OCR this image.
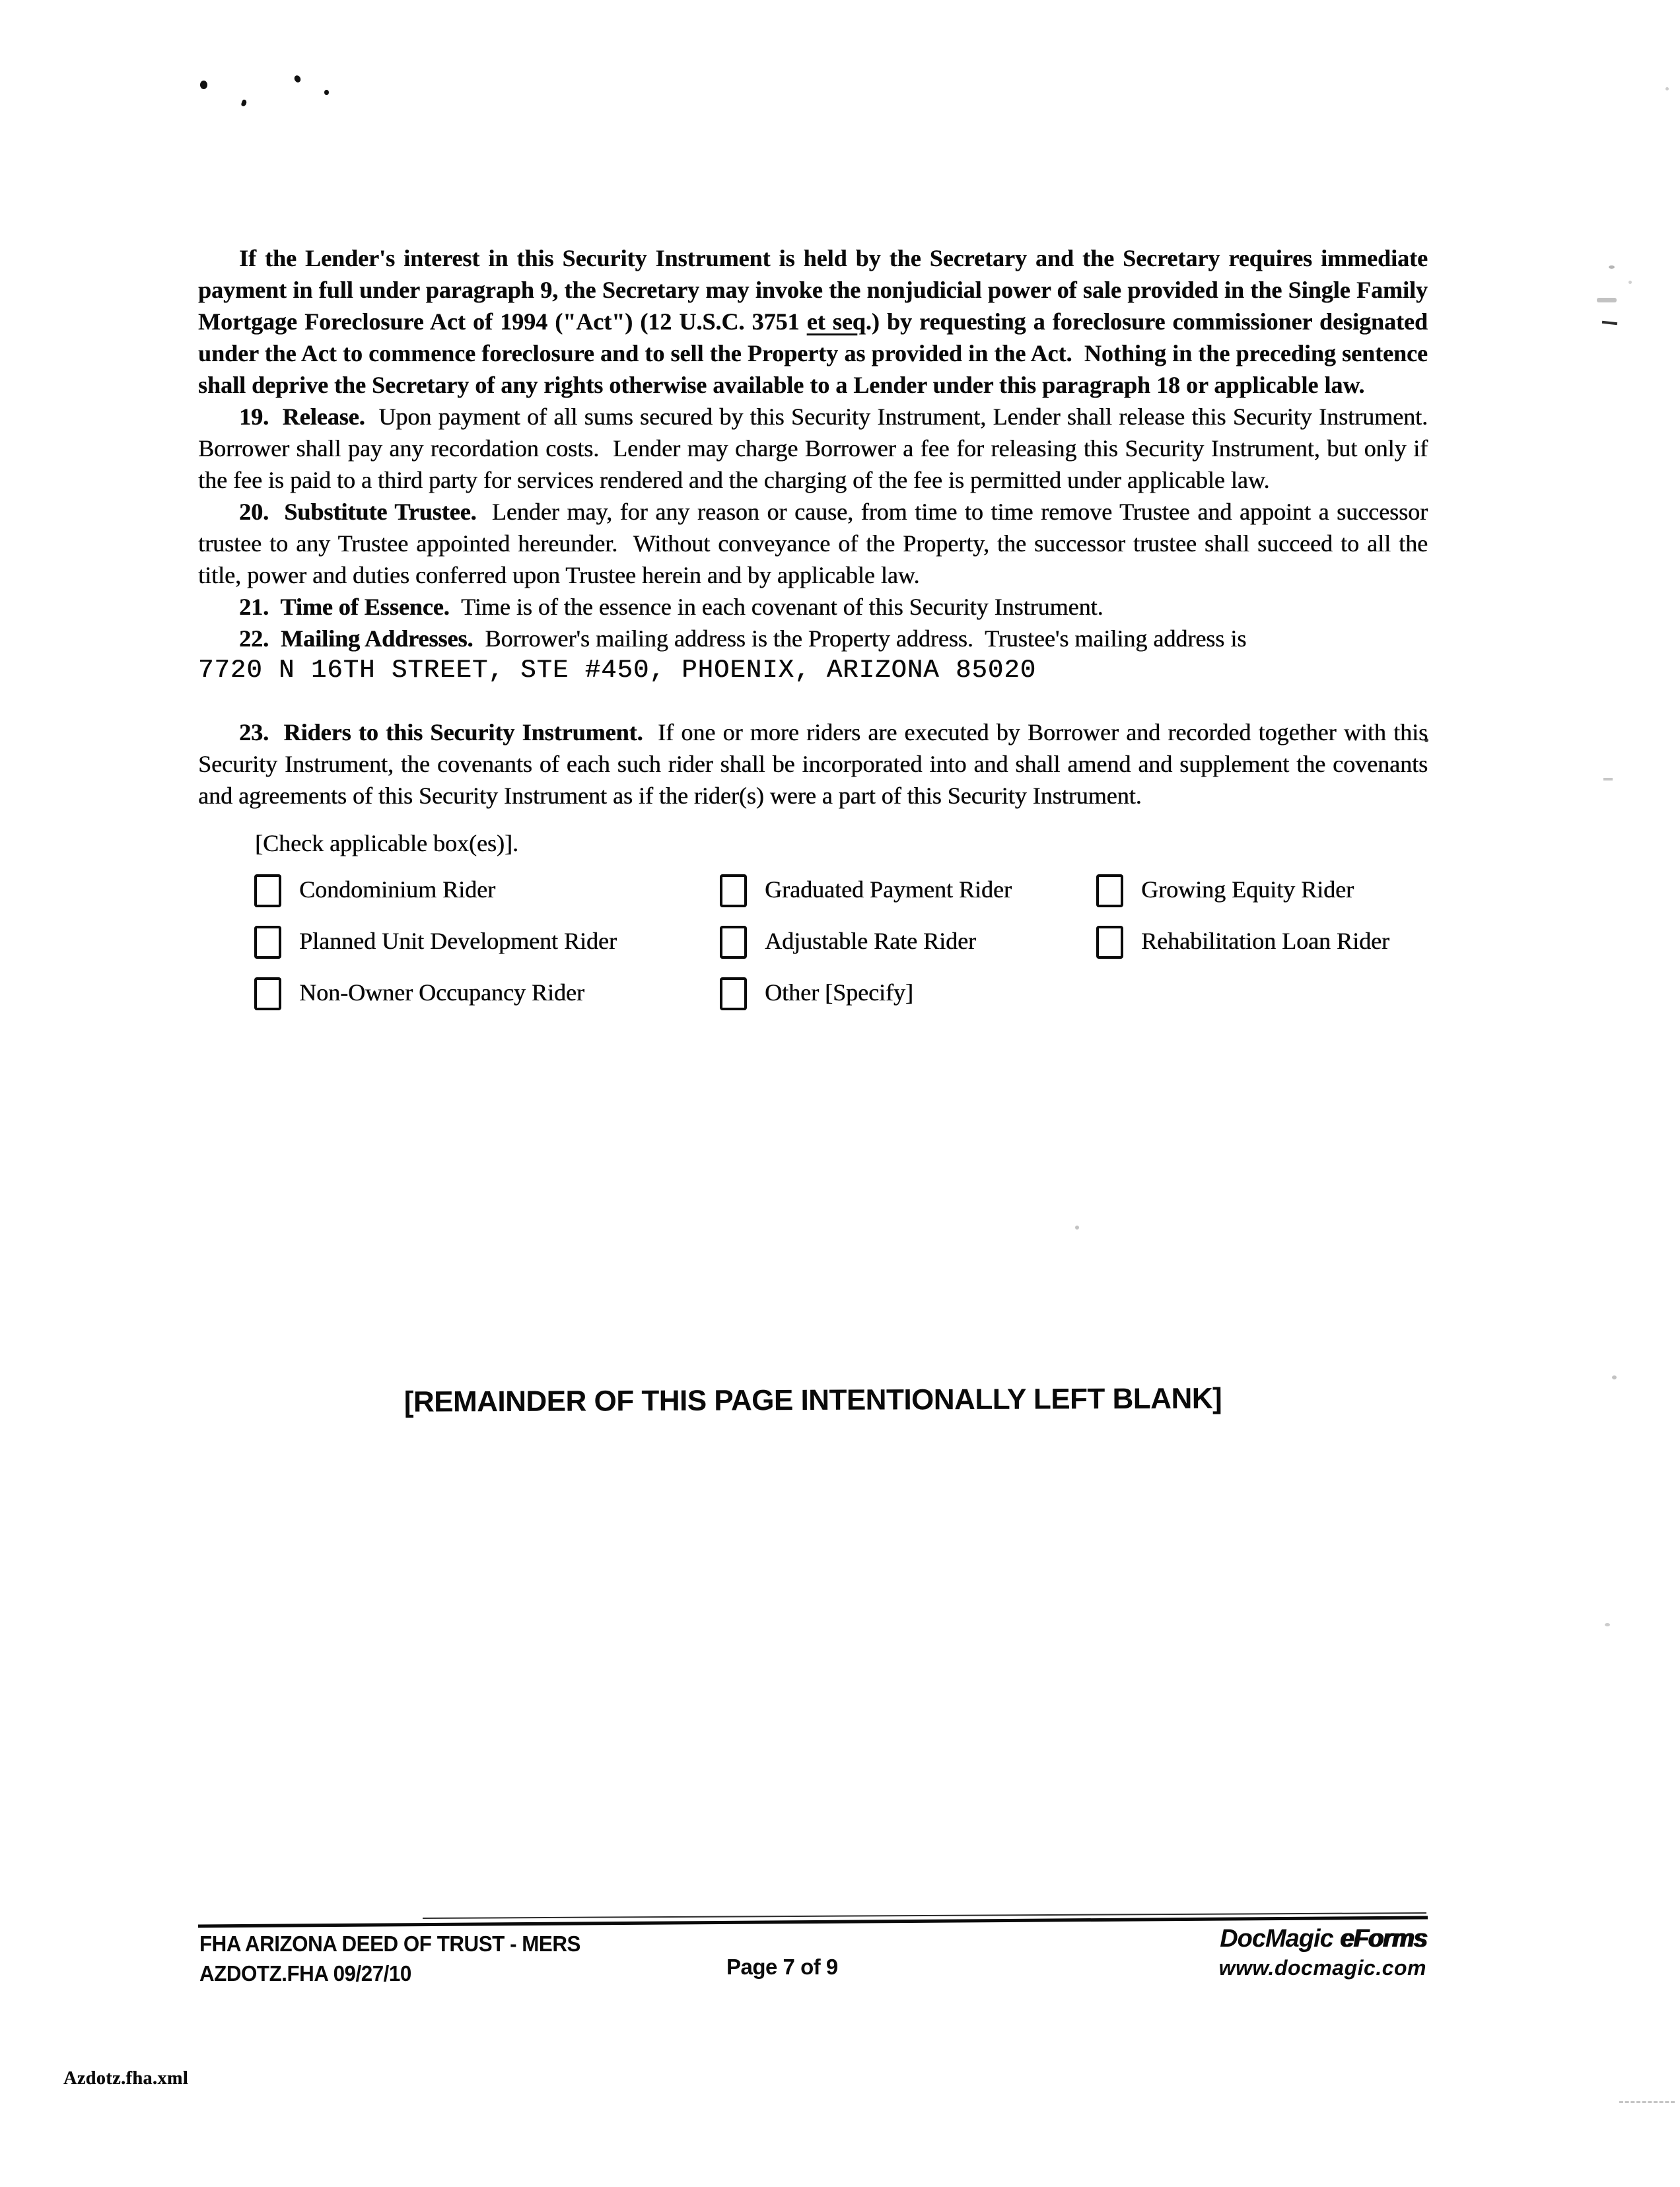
If the Lender's interest in this Security Instrument is held by the Secretary and the Secretary requires immediate payment in full under paragraph 9, the Secretary may invoke the nonjudicial power of sale provided in the Single Family Mortgage Foreclosure Act of 1994 ("Act") (12 U.S.C. 3751 et seq.) by requesting a foreclosure commissioner designated under the Act to commence foreclosure and to sell the Property as provided in the Act.  Nothing in the preceding sentence shall deprive the Secretary of any rights otherwise available to a Lender under this paragraph 18 or applicable law.

19.  Release.  Upon payment of all sums secured by this Security Instrument, Lender shall release this Security Instrument.  Borrower shall pay any recordation costs.  Lender may charge Borrower a fee for releasing this Security Instrument, but only if the fee is paid to a third party for services rendered and the charging of the fee is permitted under applicable law.

20.  Substitute Trustee.  Lender may, for any reason or cause, from time to time remove Trustee and appoint a successor trustee to any Trustee appointed hereunder.  Without conveyance of the Property, the successor trustee shall succeed to all the title, power and duties conferred upon Trustee herein and by applicable law.

21.  Time of Essence.  Time is of the essence in each covenant of this Security Instrument.

22.  Mailing Addresses.  Borrower's mailing address is the Property address.  Trustee's mailing address is

7720 N 16TH STREET, STE #450, PHOENIX, ARIZONA 85020

23.  Riders to this Security Instrument.  If one or more riders are executed by Borrower and recorded together with this Security Instrument, the covenants of each such rider shall be incorporated into and shall amend and supplement the covenants and agreements of this Security Instrument as if the rider(s) were a part of this Security Instrument.

[Check applicable box(es)].

Condominium Rider
Planned Unit Development Rider
Non-Owner Occupancy Rider
Graduated Payment Rider
Adjustable Rate Rider
Other [Specify]
Growing Equity Rider
Rehabilitation Loan Rider
[REMAINDER OF THIS PAGE INTENTIONALLY LEFT BLANK]
FHA ARIZONA DEED OF TRUST - MERS
AZDOTZ.FHA 09/27/10	Page 7 of 9
DocMagic eForms
www.docmagic.com
Azdotz.fha.xml
